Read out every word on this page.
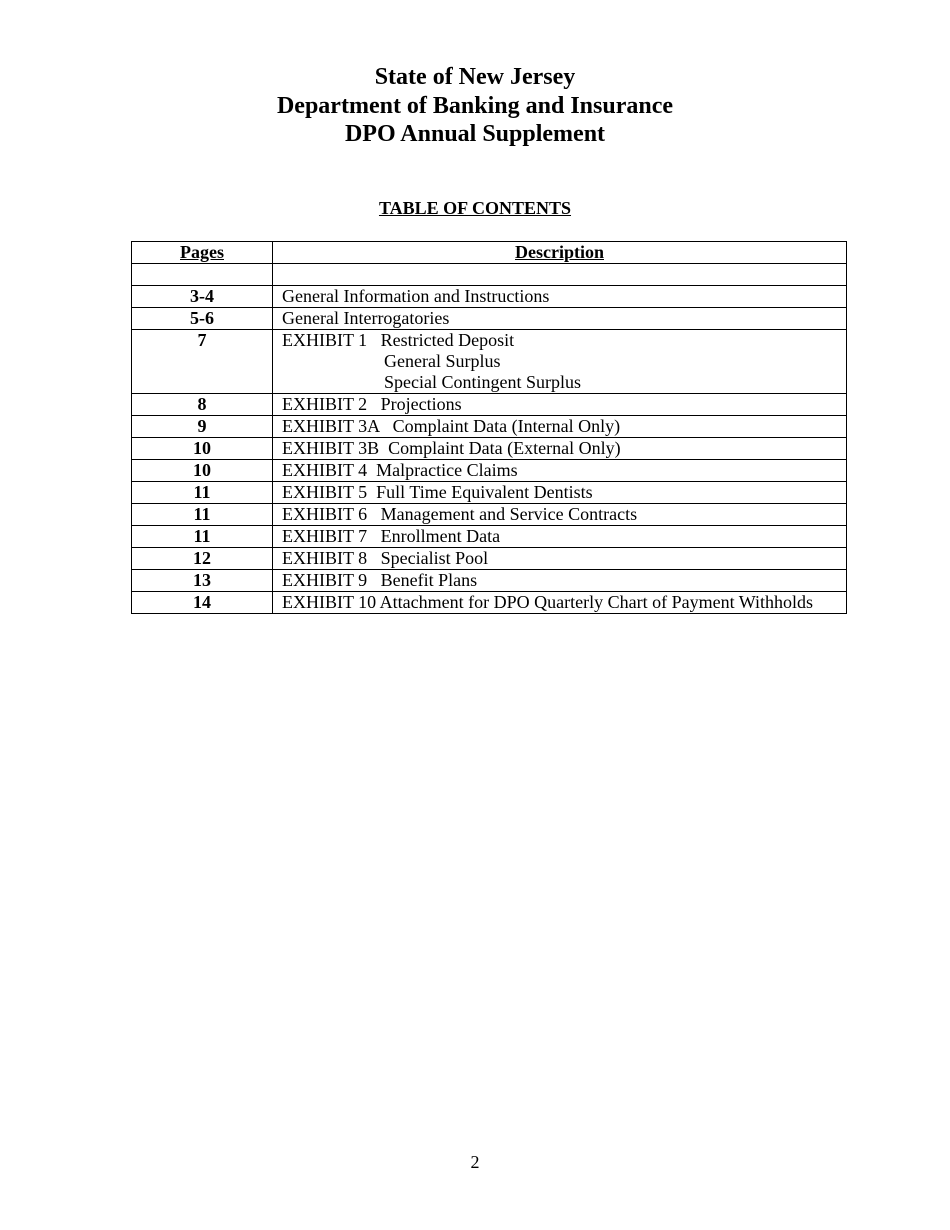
State of New Jersey
Department of Banking and Insurance
DPO Annual Supplement
TABLE OF CONTENTS
Pages	Description

3-4	General Information and Instructions

5-6	General Interrogatories

7	EXHIBIT 1   Restricted Deposit
General Surplus
Special Contingent Surplus

8	EXHIBIT 2   Projections

9	EXHIBIT 3A   Complaint Data (Internal Only)

10	EXHIBIT 3B  Complaint Data (External Only)

10	EXHIBIT 4  Malpractice Claims

11	EXHIBIT 5  Full Time Equivalent Dentists

11	EXHIBIT 6   Management and Service Contracts

11	EXHIBIT 7   Enrollment Data

12	EXHIBIT 8   Specialist Pool

13	EXHIBIT 9   Benefit Plans

14	EXHIBIT 10 Attachment for DPO Quarterly Chart of Payment Withholds
2
